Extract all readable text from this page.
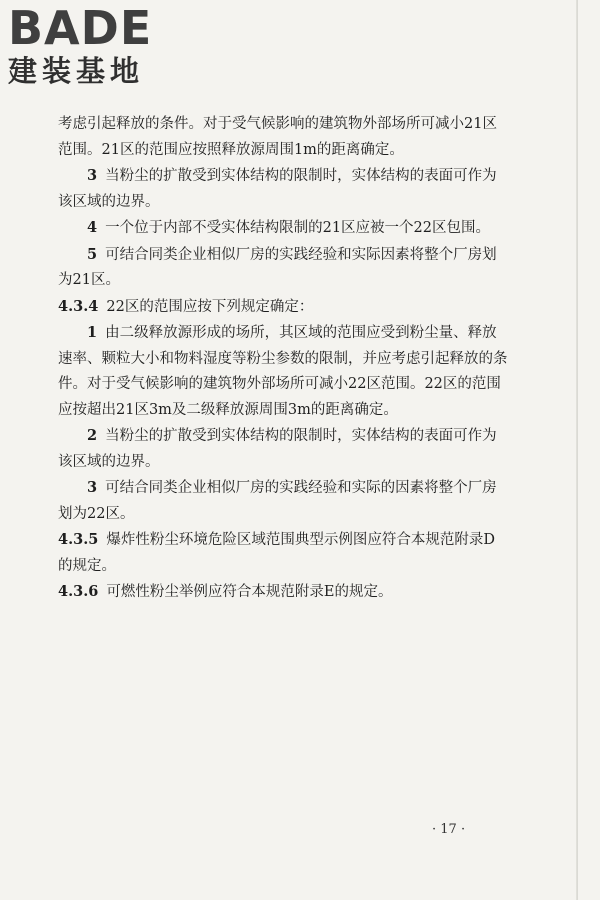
BADE
建装基地

考虑引起释放的条件。对于受气候影响的建筑物外部场所可减小21区范围。21区的范围应按照释放源周围1m的距离确定。

3 当粉尘的扩散受到实体结构的限制时，实体结构的表面可作为该区域的边界。

4 一个位于内部不受实体结构限制的21区应被一个22区包围。

5 可结合同类企业相似厂房的实践经验和实际因素将整个厂房划为21区。

4.3.4 22区的范围应按下列规定确定：

1 由二级释放源形成的场所，其区域的范围应受到粉尘量、释放速率、颗粒大小和物料湿度等粉尘参数的限制，并应考虑引起释放的条件。对于受气候影响的建筑物外部场所可减小22区范围。22区的范围应按超出21区3m及二级释放源周围3m的距离确定。

2 当粉尘的扩散受到实体结构的限制时，实体结构的表面可作为该区域的边界。

3 可结合同类企业相似厂房的实践经验和实际的因素将整个厂房划为22区。

4.3.5 爆炸性粉尘环境危险区域范围典型示例图应符合本规范附录D的规定。

4.3.6 可燃性粉尘举例应符合本规范附录E的规定。

· 17 ·
